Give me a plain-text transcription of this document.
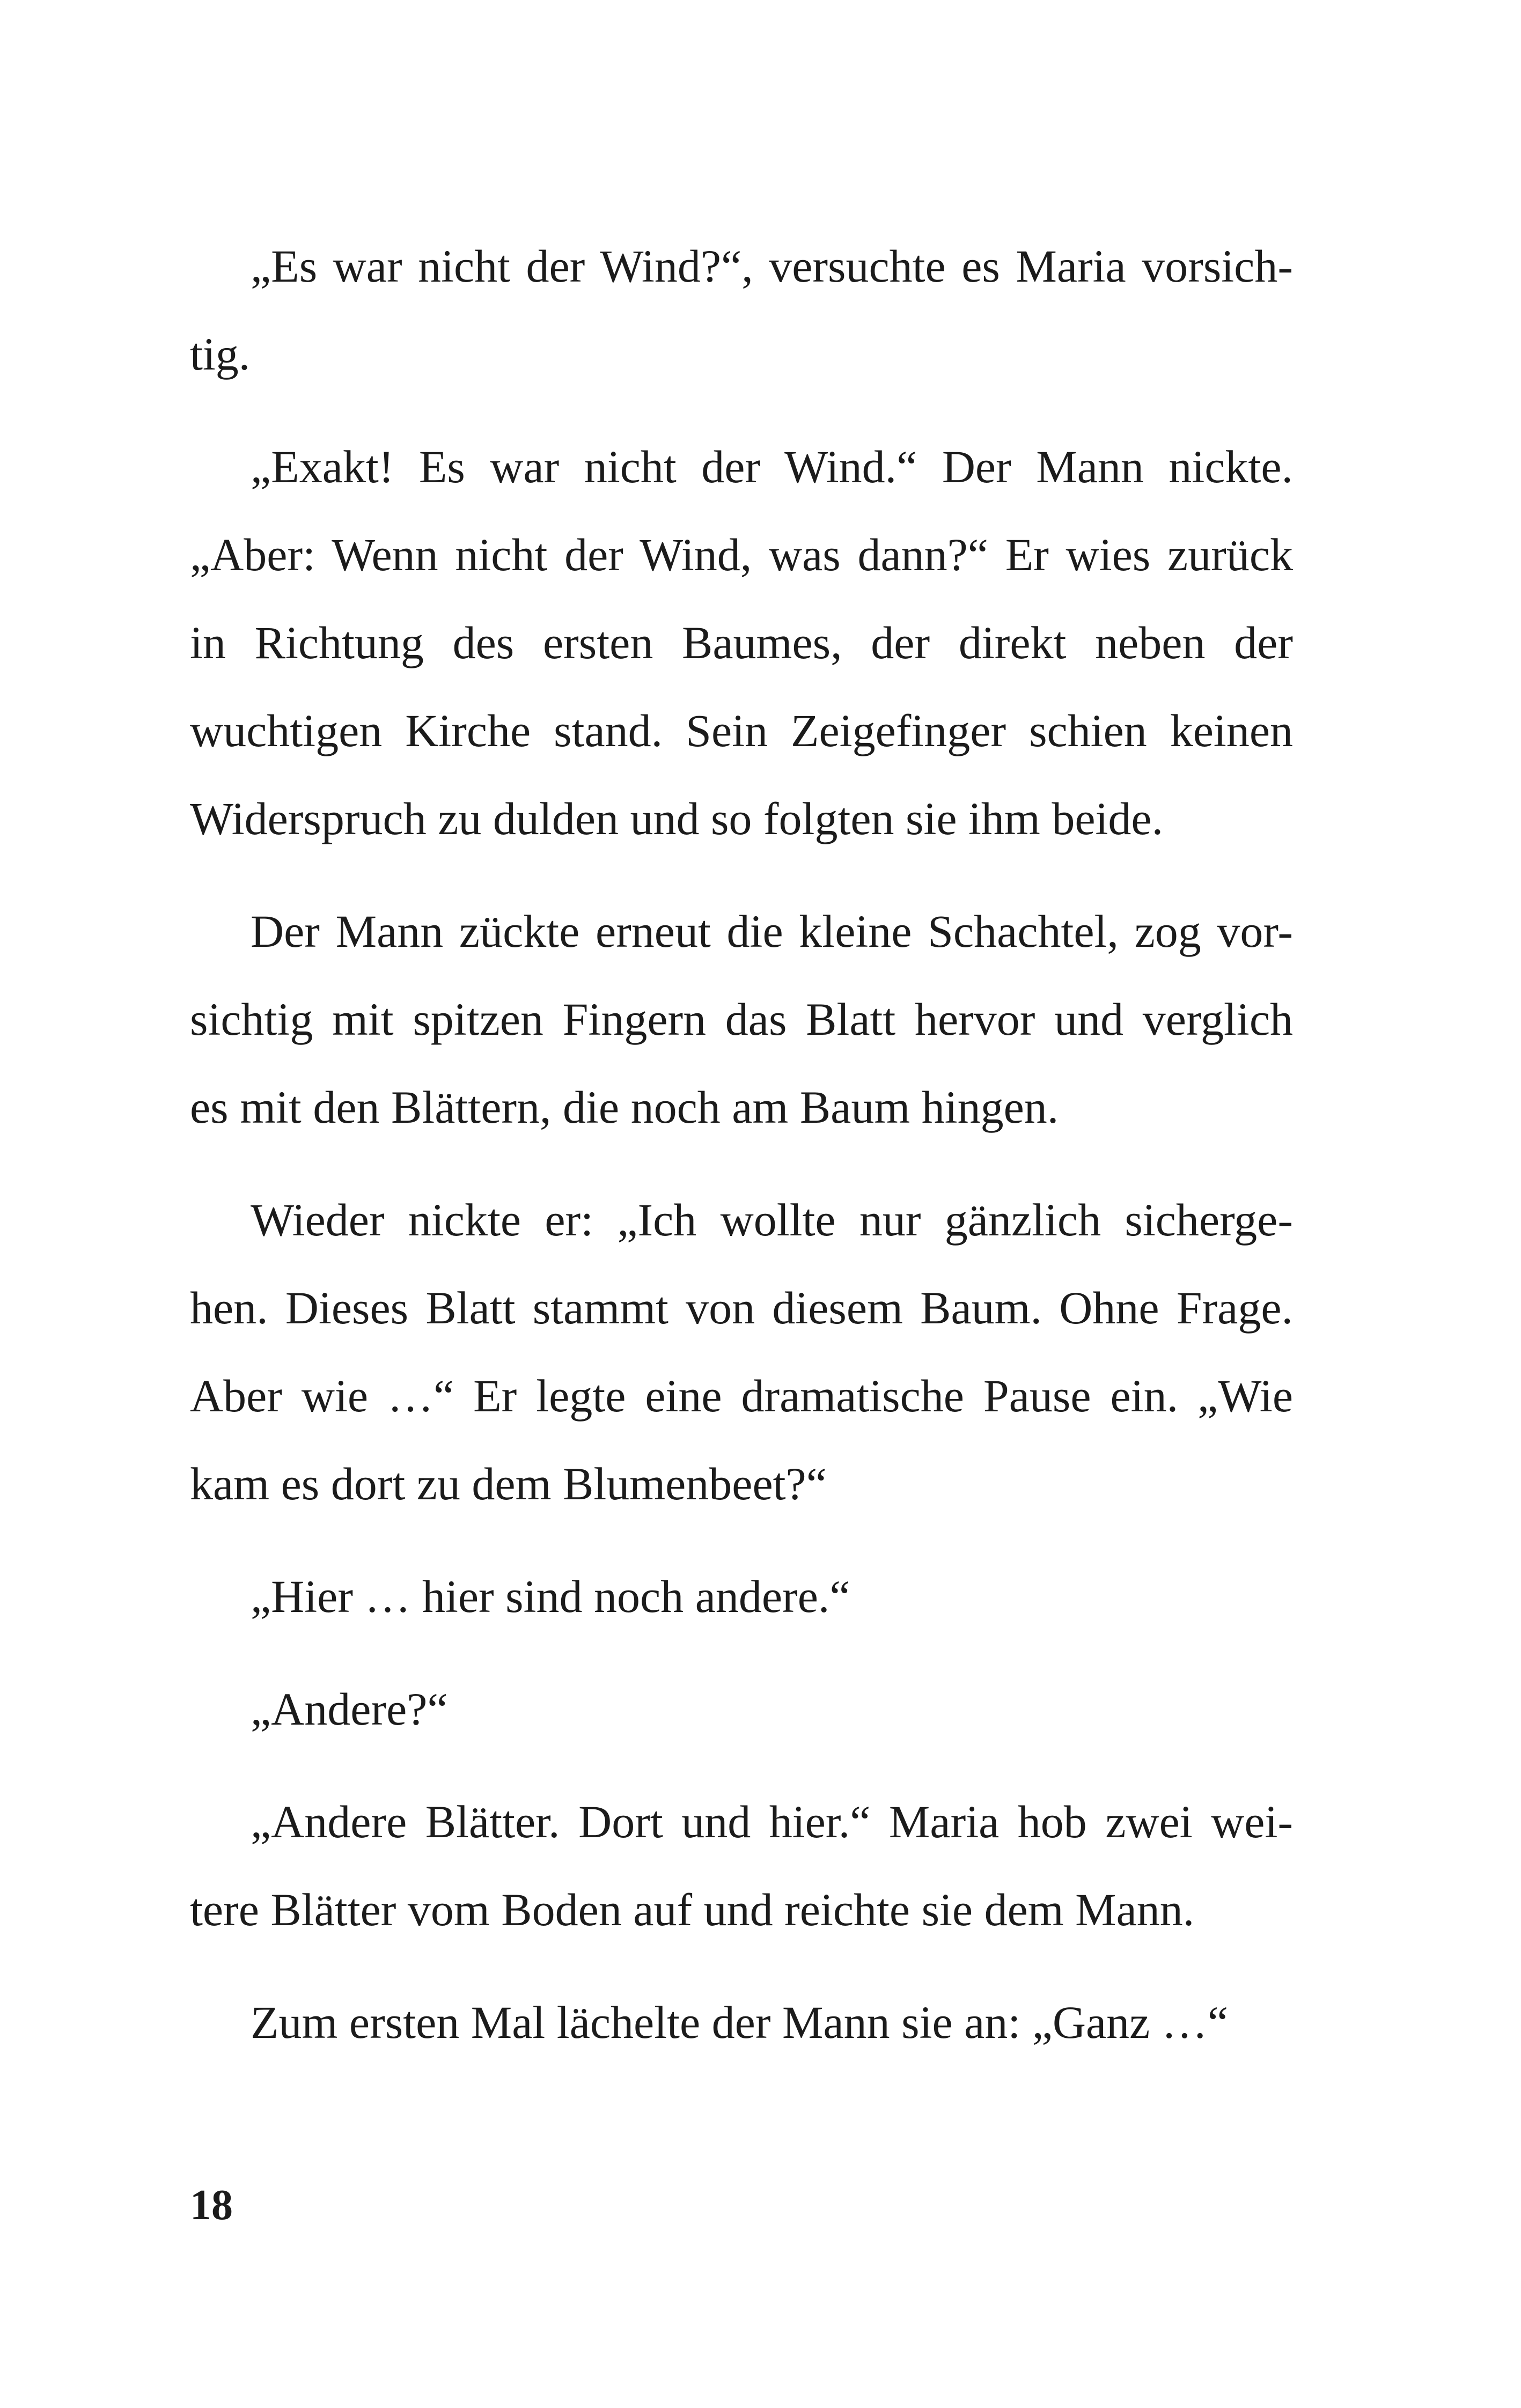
„Es war nicht der Wind?“, versuchte es Maria vorsich-
tig.
„Exakt! Es war nicht der Wind.“ Der Mann nickte.
„Aber: Wenn nicht der Wind, was dann?“ Er wies zurück
in Richtung des ersten Baumes, der direkt neben der
wuchtigen Kirche stand. Sein Zeigefinger schien keinen
Widerspruch zu dulden und so folgten sie ihm beide.
Der Mann zückte erneut die kleine Schachtel, zog vor-
sichtig mit spitzen Fingern das Blatt hervor und verglich
es mit den Blättern, die noch am Baum hingen.
Wieder nickte er: „Ich wollte nur gänzlich sicherge-
hen. Dieses Blatt stammt von diesem Baum. Ohne Frage.
Aber wie …“ Er legte eine dramatische Pause ein. „Wie
kam es dort zu dem Blumenbeet?“
„Hier … hier sind noch andere.“
„Andere?“
„Andere Blätter. Dort und hier.“ Maria hob zwei wei-
tere Blätter vom Boden auf und reichte sie dem Mann.
Zum ersten Mal lächelte der Mann sie an: „Ganz …“
18
